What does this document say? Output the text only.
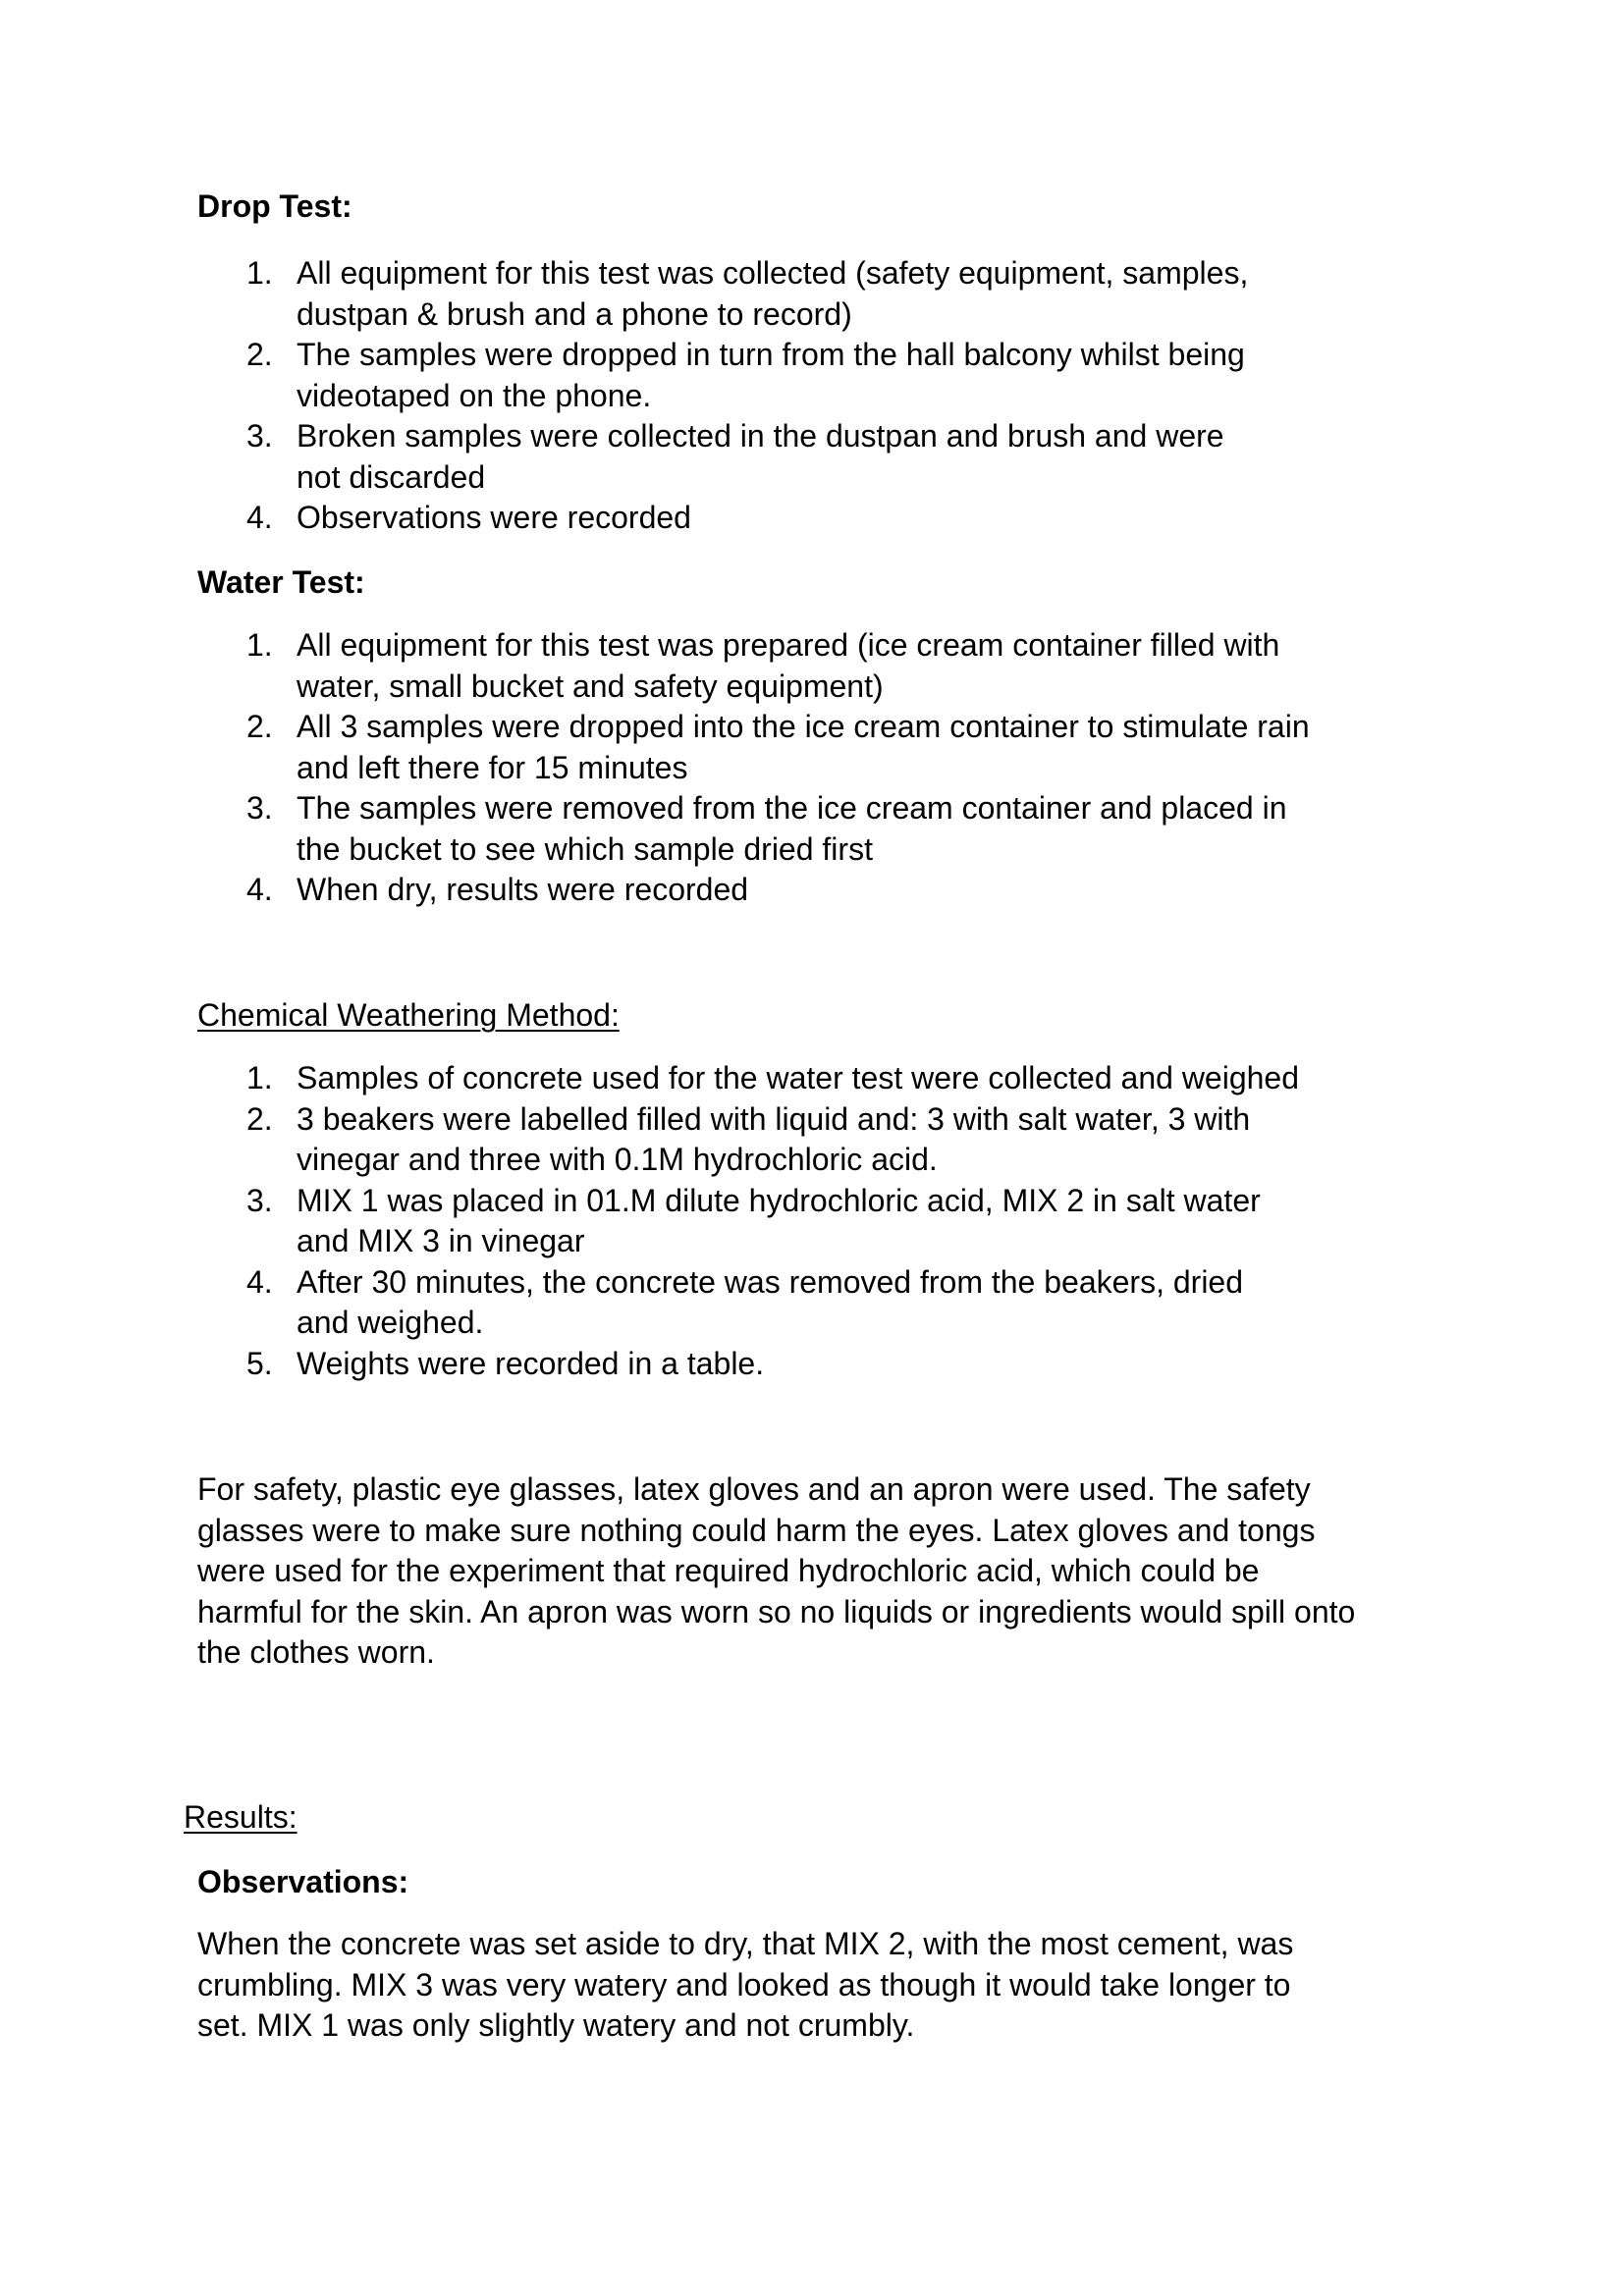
Drop Test:
1. All equipment for this test was collected (safety equipment, samples,
dustpan & brush and a phone to record)
2. The samples were dropped in turn from the hall balcony whilst being
videotaped on the phone.
3. Broken samples were collected in the dustpan and brush and were
not discarded
4. Observations were recorded
Water Test:
1. All equipment for this test was prepared (ice cream container filled with
water, small bucket and safety equipment)
2. All 3 samples were dropped into the ice cream container to stimulate rain
and left there for 15 minutes
3. The samples were removed from the ice cream container and placed in
the bucket to see which sample dried first
4. When dry, results were recorded
Chemical Weathering Method:
1. Samples of concrete used for the water test were collected and weighed
2. 3 beakers were labelled filled with liquid and: 3 with salt water, 3 with
vinegar and three with 0.1M hydrochloric acid.
3. MIX 1 was placed in 01.M dilute hydrochloric acid, MIX 2 in salt water
and MIX 3 in vinegar
4. After 30 minutes, the concrete was removed from the beakers, dried
and weighed.
5. Weights were recorded in a table.

For safety, plastic eye glasses, latex gloves and an apron were used. The safety
glasses were to make sure nothing could harm the eyes. Latex gloves and tongs
were used for the experiment that required hydrochloric acid, which could be
harmful for the skin. An apron was worn so no liquids or ingredients would spill onto
the clothes worn.

Results:
Observations:

When the concrete was set aside to dry, that MIX 2, with the most cement, was
crumbling. MIX 3 was very watery and looked as though it would take longer to
set. MIX 1 was only slightly watery and not crumbly.
